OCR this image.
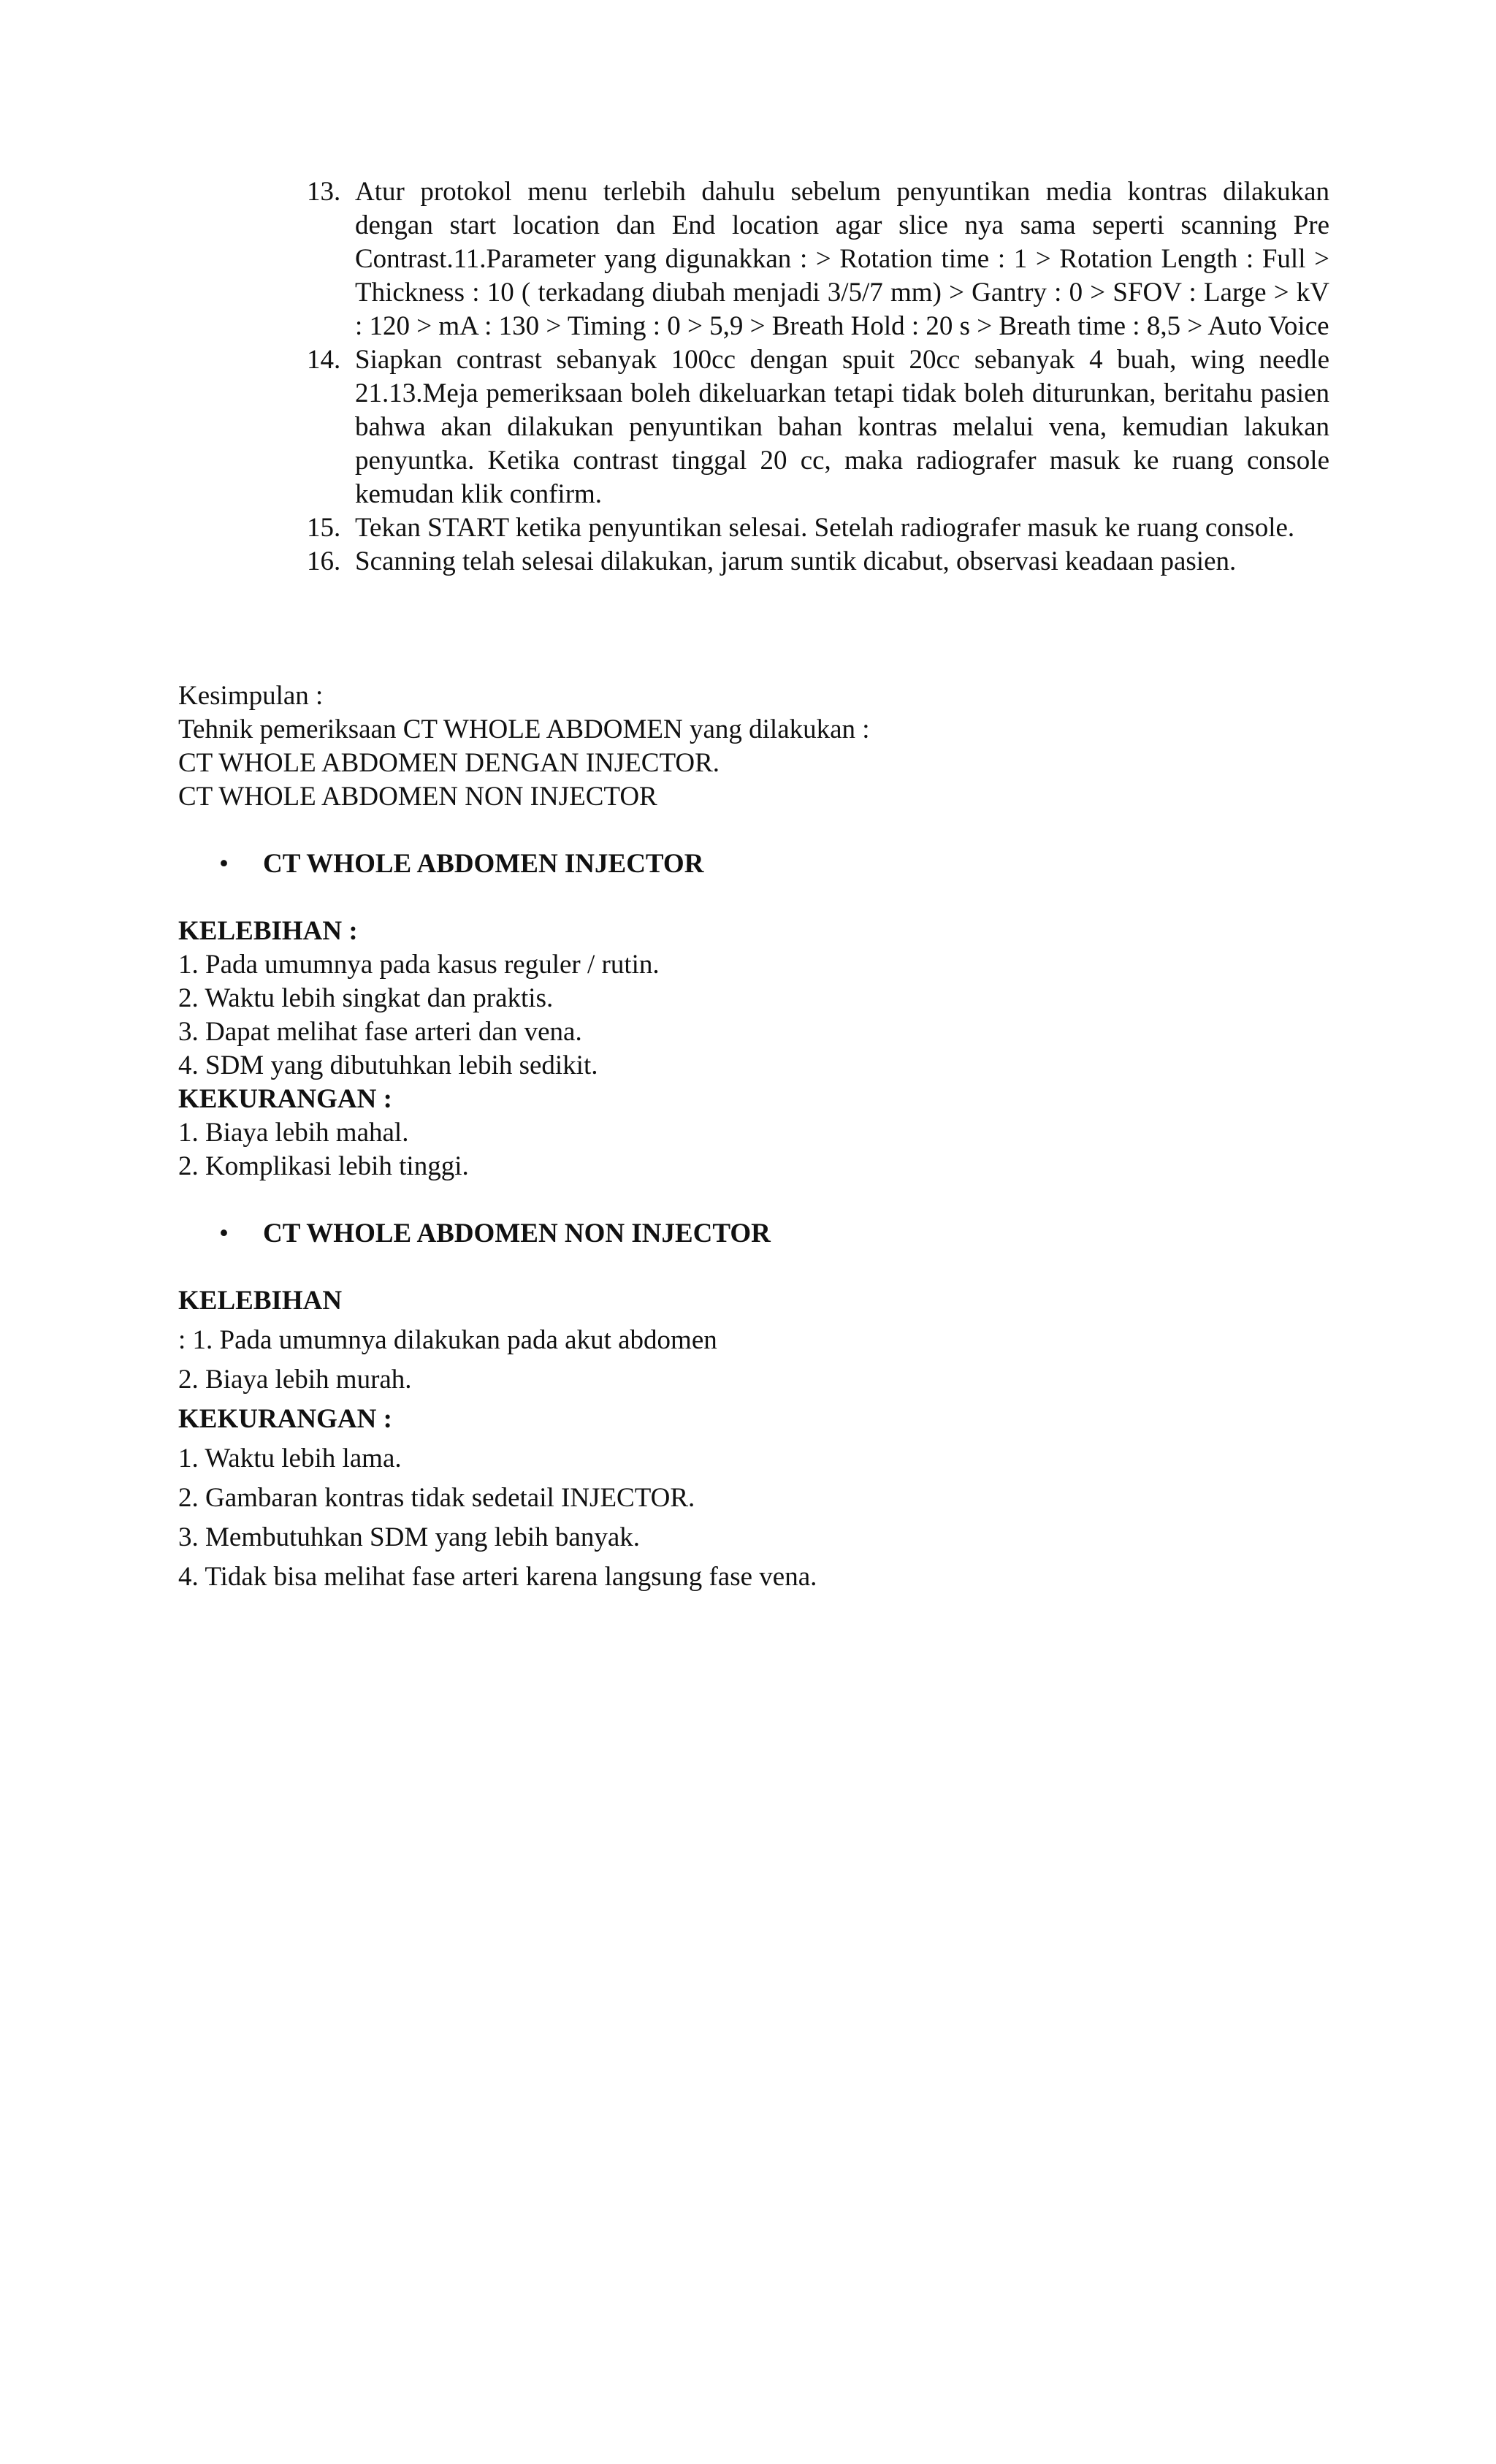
13. Atur protokol menu terlebih dahulu sebelum penyuntikan media kontras dilakukan dengan start location dan End location agar slice nya sama seperti scanning Pre Contrast.11.Parameter yang digunakkan : > Rotation time : 1 > Rotation Length : Full > Thickness : 10 ( terkadang diubah menjadi 3/5/7 mm) > Gantry : 0 > SFOV : Large > kV : 120 > mA : 130 > Timing : 0 > 5,9 > Breath Hold : 20 s > Breath time : 8,5 > Auto Voice
14. Siapkan contrast sebanyak 100cc dengan spuit 20cc sebanyak 4 buah, wing needle 21.13.Meja pemeriksaan boleh dikeluarkan tetapi tidak boleh diturunkan, beritahu pasien bahwa akan dilakukan penyuntikan bahan kontras melalui vena, kemudian lakukan penyuntka. Ketika contrast tinggal 20 cc, maka radiografer masuk ke ruang console kemudan klik confirm.
15. Tekan START ketika penyuntikan selesai. Setelah radiografer masuk ke ruang console.
16. Scanning telah selesai dilakukan, jarum suntik dicabut, observasi keadaan pasien.

Kesimpulan :

Tehnik pemeriksaan CT WHOLE ABDOMEN yang dilakukan :

CT WHOLE ABDOMEN DENGAN INJECTOR.

CT WHOLE ABDOMEN NON INJECTOR

•	CT WHOLE ABDOMEN INJECTOR

KELEBIHAN :

1. Pada umumnya pada kasus reguler / rutin.

2. Waktu lebih singkat dan praktis.

3. Dapat melihat fase arteri dan vena.

4. SDM yang dibutuhkan lebih sedikit.

KEKURANGAN :

1. Biaya lebih mahal.

2. Komplikasi lebih tinggi.

•	CT WHOLE ABDOMEN NON INJECTOR

KELEBIHAN

: 1. Pada umumnya dilakukan pada akut abdomen

2. Biaya lebih murah.

KEKURANGAN :

1. Waktu lebih lama.

2. Gambaran kontras tidak sedetail INJECTOR.

3. Membutuhkan SDM yang lebih banyak.

4. Tidak bisa melihat fase arteri karena langsung fase vena.
